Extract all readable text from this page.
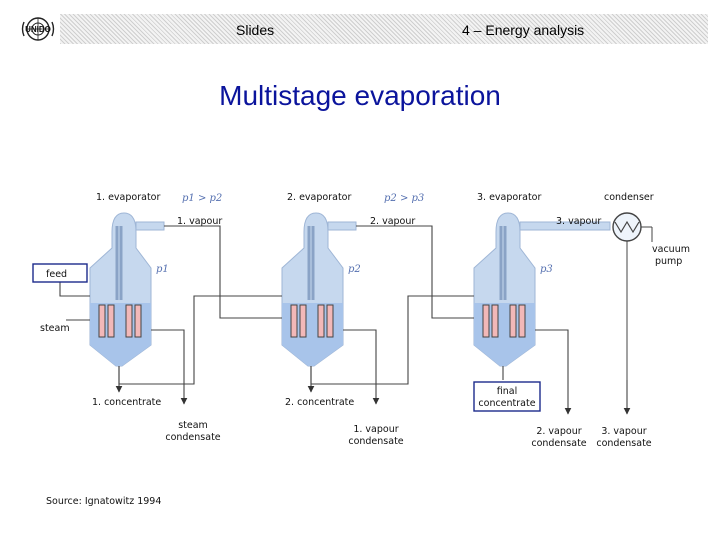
UNIDO	Slides	4 – Energy analysis
Multistage evaporation
1. evaporator	2. evaporator	3. evaporator	condenser
1. vapour	2. vapour	3. vapour
vacuum
pump
p1 > p2	p2 > p3
p1	p2	p3
feed
steam
1. concentrate	2. concentrate
final
concentrate
steam
condensate
1. vapour
condensate
2. vapour
condensate
3. vapour
condensate
Source: Ignatowitz 1994
